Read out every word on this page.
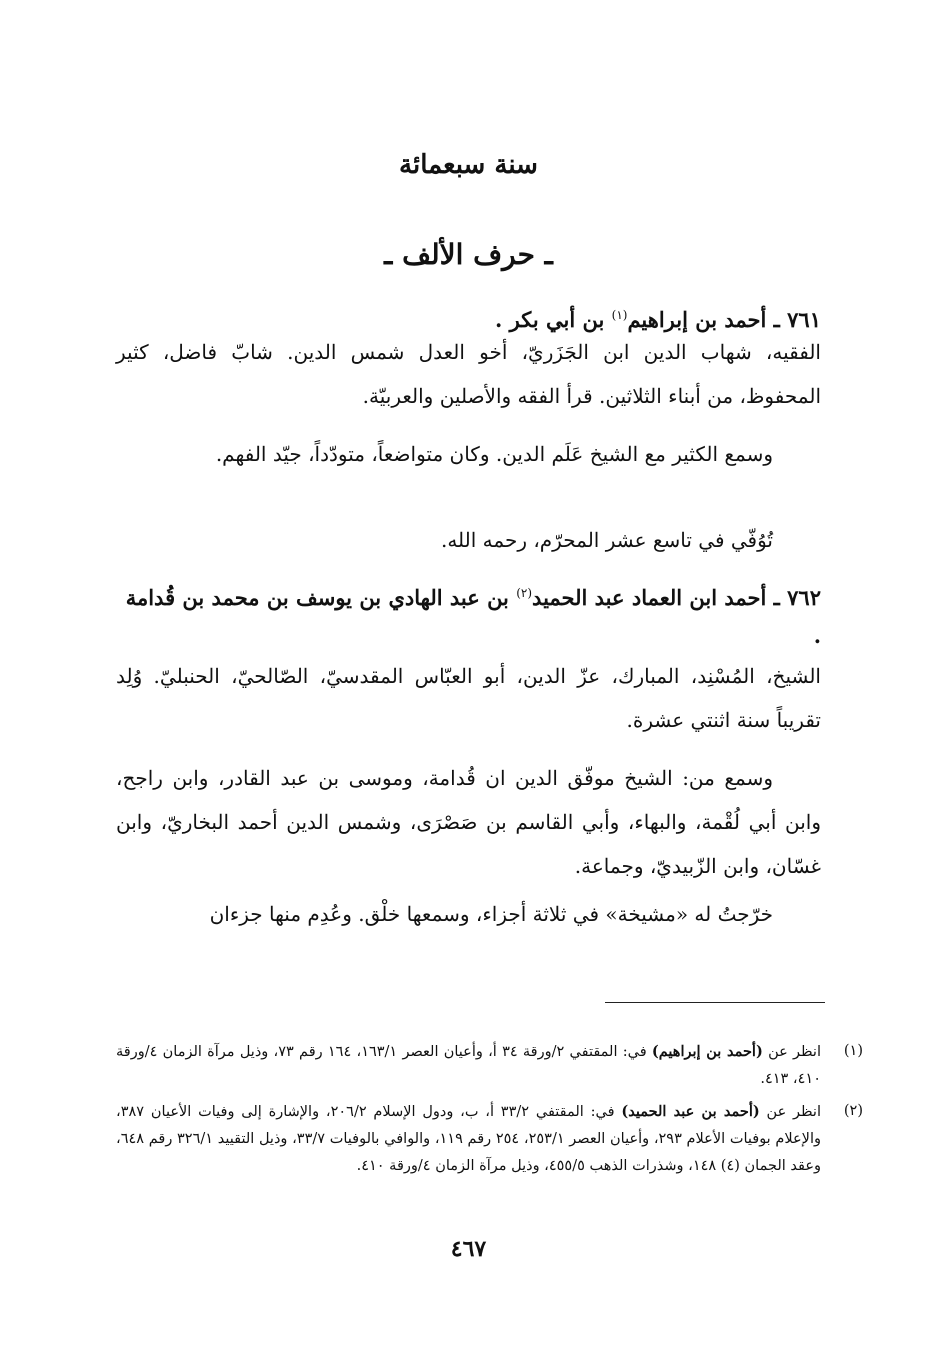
سنة سبعمائة
ـ حرف الألف ـ
٧٦١ ـ أحمد بن إبراهيم$^{(١)}$ بن أبي بكر .

الفقيه، شهاب الدين ابن الجَزَريّ، أخو العدل شمس الدين. شابّ فاضل، كثير المحفوظ، من أبناء الثلاثين. قرأ الفقه والأصلين والعربيّة.

وسمع الكثير مع الشيخ عَلَم الدين. وكان متواضعاً، متودّداً، جيّد الفهم.

تُوُفّي في تاسع عشر المحرّم، رحمه الله.

٧٦٢ ـ أحمد ابن العماد عبد الحميد$^{(٢)}$ بن عبد الهادي بن يوسف بن محمد بن قُدامة .

الشيخ، المُسْنِد، المبارك، عزّ الدين، أبو العبّاس المقدسيّ، الصّالحيّ، الحنبليّ. وُلِد تقريباً سنة اثنتي عشرة.

وسمع من: الشيخ موفّق الدين ان قُدامة، وموسى بن عبد القادر، وابن راجح، وابن أبي لُقْمة، والبهاء، وأبي القاسم بن صَصْرَى، وشمس الدين أحمد البخاريّ، وابن غسّان، وابن الزّبيديّ، وجماعة.

خرّجتُ له «مشيخة» في ثلاثة أجزاء، وسمعها خلْق. وعُدِم منها جزءان

(١)
انظر عن (أحمد بن إبراهيم) في: المقتفي ٢/ورقة ٣٤ أ، وأعيان العصر ١٦٣/١، ١٦٤ رقم ٧٣، وذيل مرآة الزمان ٤/ورقة ٤١٠، ٤١٣.
(٢)
انظر عن (أحمد بن عبد الحميد) في: المقتفي ٣٣/٢ أ، ب، ودول الإسلام ٢٠٦/٢، والإشارة إلى وفيات الأعيان ٣٨٧، والإعلام بوفيات الأعلام ٢٩٣، وأعيان العصر ٢٥٣/١، ٢٥٤ رقم ١١٩، والوافي بالوفيات ٣٣/٧، وذيل التقييد ٣٢٦/١ رقم ٦٤٨، وعقد الجمان (٤) ١٤٨، وشذرات الذهب ٤٥٥/٥، وذيل مرآة الزمان ٤/ورقة ٤١٠.
٤٦٧
